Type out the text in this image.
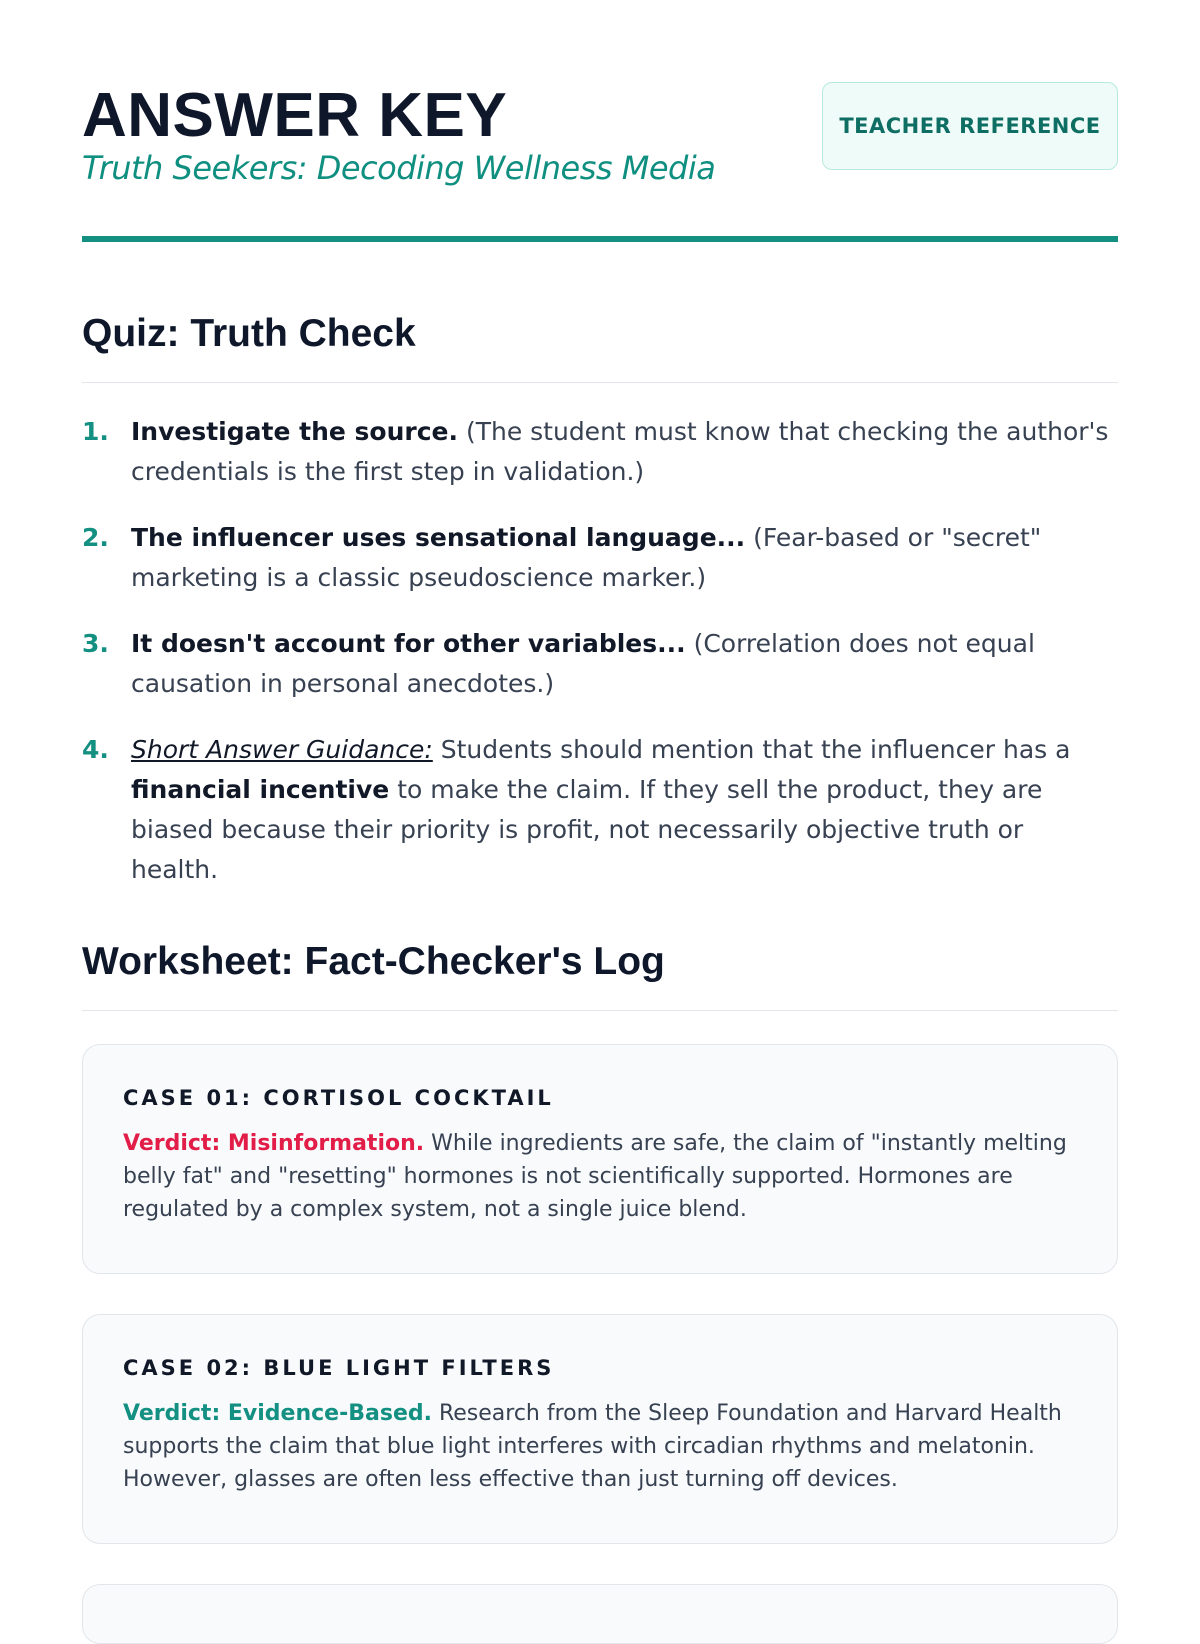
ANSWER KEY

Truth Seekers: Decoding Wellness Media

TEACHER REFERENCE
Quiz: Truth Check
1. Investigate the source. (The student must know that checking the author's credentials is the first step in validation.)
2. The influencer uses sensational language... (Fear-based or "secret" marketing is a classic pseudoscience marker.)
3. It doesn't account for other variables... (Correlation does not equal causation in personal anecdotes.)
4. Short Answer Guidance: Students should mention that the influencer has a financial incentive to make the claim. If they sell the product, they are biased because their priority is profit, not necessarily objective truth or health.
Worksheet: Fact-Checker's Log
CASE 01: CORTISOL COCKTAIL

Verdict: Misinformation. While ingredients are safe, the claim of "instantly melting belly fat" and "resetting" hormones is not scientifically supported. Hormones are regulated by a complex system, not a single juice blend.

CASE 02: BLUE LIGHT FILTERS

Verdict: Evidence-Based. Research from the Sleep Foundation and Harvard Health supports the claim that blue light interferes with circadian rhythms and melatonin. However, glasses are often less effective than just turning off devices.
